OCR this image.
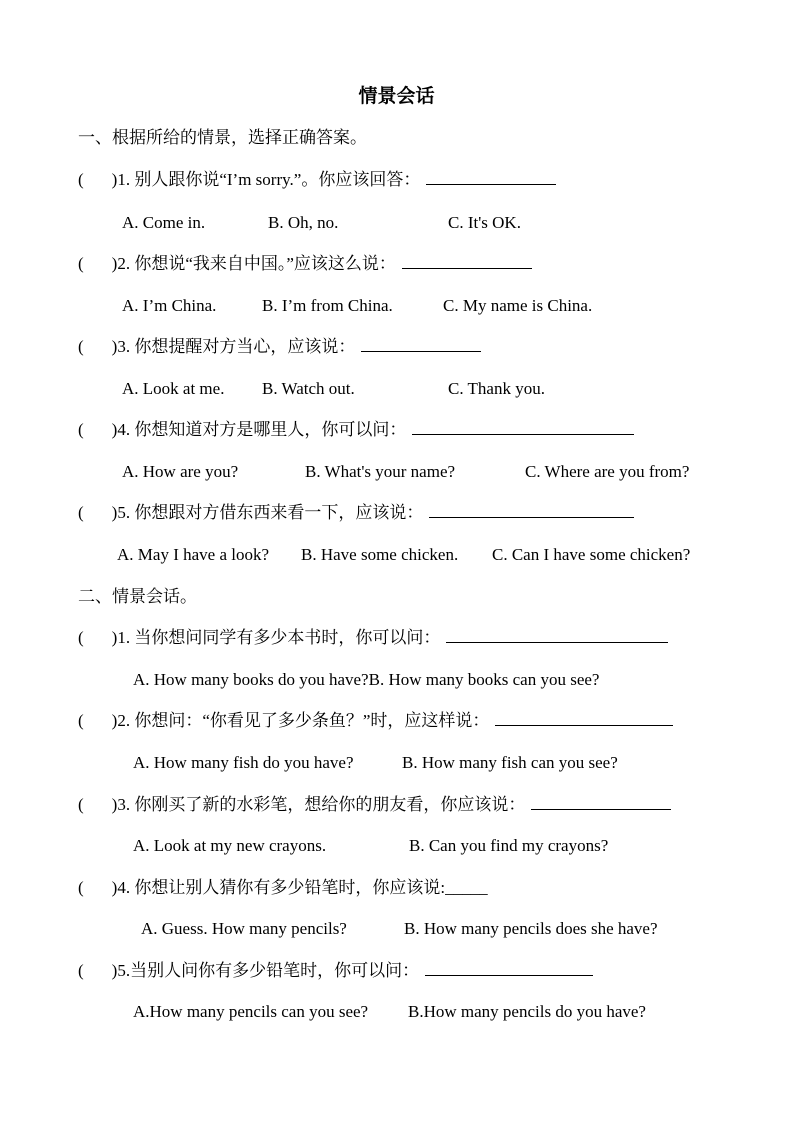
情景会话
一、根据所给的情景，选择正确答案。
( )1. 别人跟你说“I’m sorry.”。你应该回答：
A. Come in.	B. Oh, no.	C. It's OK.
( )2. 你想说“我来自中国。”应该这么说：
A. I’m China.	B. I’m from China.	C. My name is China.
( )3. 你想提醒对方当心，应该说：
A. Look at me. B. Watch out.	C. Thank you.
( )4. 你想知道对方是哪里人，你可以问：
A. How are you?	B. What's your name?	C. Where are you from?
( )5. 你想跟对方借东西来看一下，应该说：
A. May I have a look? B. Have some chicken. C. Can I have some chicken?
二、情景会话。
( )1. 当你想问同学有多少本书时，你可以问：
A. How many books do you have?B. How many books can you see?
( )2. 你想问：“你看见了多少条鱼？”时，应这样说：
A. How many fish do you have?	B. How many fish can you see?
( )3. 你刚买了新的水彩笔，想给你的朋友看，你应该说：
A. Look at my new crayons.	B. Can you find my crayons?
( )4. 你想让别人猜你有多少铅笔时，你应该说:_____
A. Guess. How many pencils?	B. How many pencils does she have?
( )5.当别人问你有多少铅笔时，你可以问：
A.How many pencils can you see? B.How many pencils do you have?
